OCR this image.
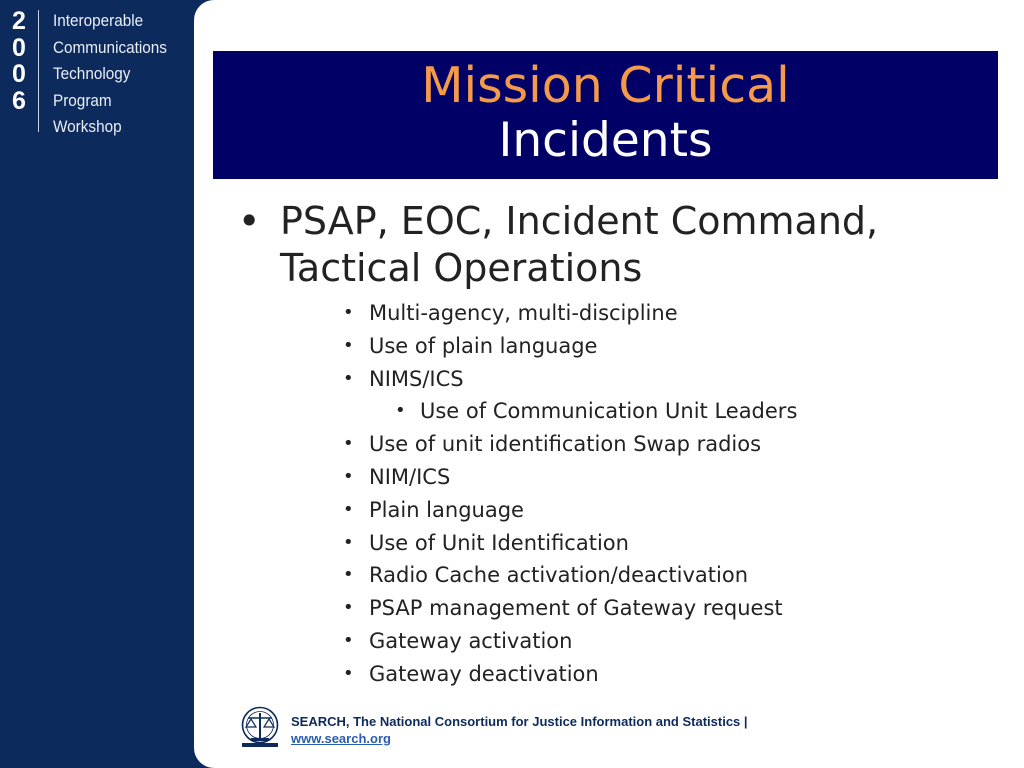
2
0
0
6
Interoperable
Communications
Technology
Program
Workshop
Mission Critical
Incidents
• PSAP, EOC, Incident Command, Tactical Operations
• Multi-agency, multi-discipline
• Use of plain language
• NIMS/ICS
• Use of Communication Unit Leaders
• Use of unit identification Swap radios
• NIM/ICS
• Plain language
• Use of Unit Identification
• Radio Cache activation/deactivation
• PSAP management of Gateway request
• Gateway activation
• Gateway deactivation
SEARCH, The National Consortium for Justice Information and Statistics |
www.search.org
